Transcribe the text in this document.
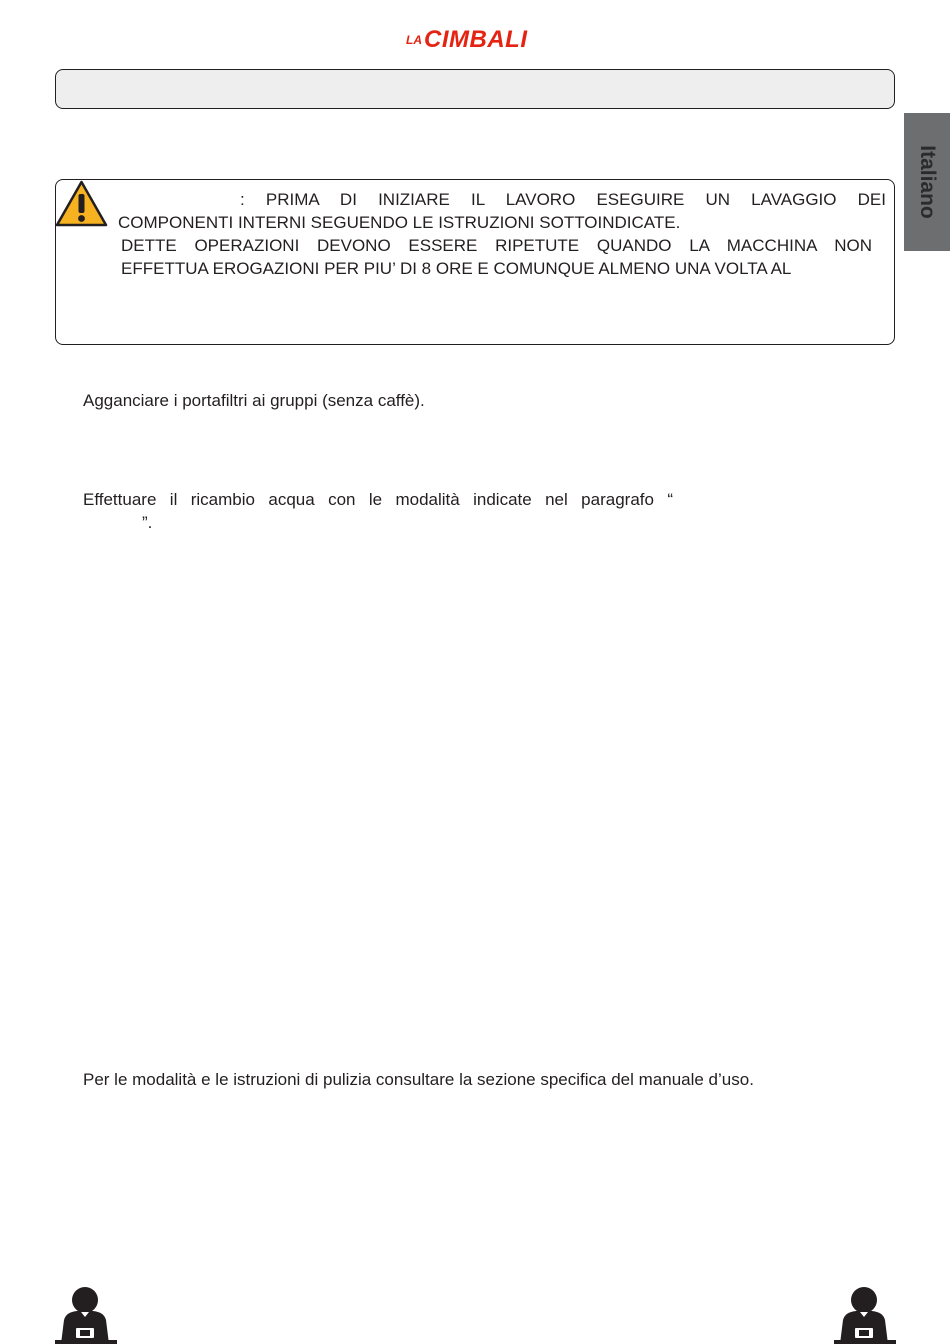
LA CIMBALI
Italiano
: PRIMA DI INIZIARE IL LAVORO ESEGUIRE UN LAVAGGIO DEI
COMPONENTI INTERNI SEGUENDO LE ISTRUZIONI SOTTOINDICATE.
DETTE OPERAZIONI DEVONO ESSERE RIPETUTE QUANDO LA MACCHINA NON
EFFETTUA EROGAZIONI PER PIU’ DI 8 ORE E COMUNQUE ALMENO UNA VOLTA AL
Agganciare i portafiltri ai gruppi (senza caffè).
Effettuare il ricambio acqua con le modalità indicate nel paragrafo “
”.
Per le modalità e le istruzioni di pulizia consultare la sezione specifica del manuale d’uso.
